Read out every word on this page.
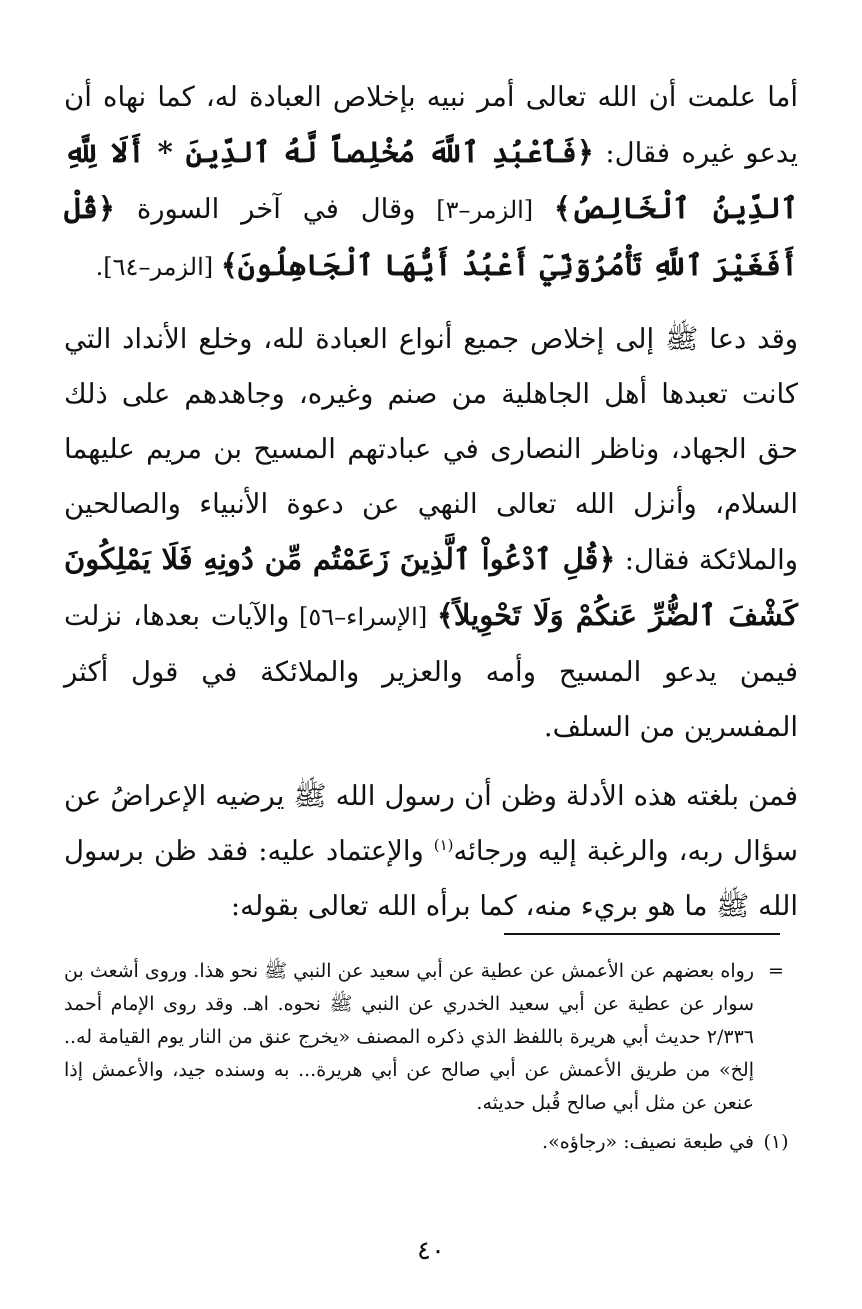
أما علمت أن الله تعالى أمر نبيه بإخلاص العبادة له، كما نهاه أن يدعو غيره فقال: ﴿فَٱعْبُدِ ٱللَّهَ مُخْلِصاً لَّهُ ٱلدِّينَ * أَلَا لِلَّهِ ٱلدِّينُ ٱلْخَالِصُ﴾ [الزمر–٣] وقال في آخر السورة ﴿قُلْ أَفَغَيْرَ ٱللَّهِ تَأْمُرُوٓنِّيٓ أَعْبُدُ أَيُّهَا ٱلْجَاهِلُونَ﴾ [الزمر–٦٤].

وقد دعا ﷺ إلى إخلاص جميع أنواع العبادة لله، وخلع الأنداد التي كانت تعبدها أهل الجاهلية من صنم وغيره، وجاهدهم على ذلك حق الجهاد، وناظر النصارى في عبادتهم المسيح بن مريم عليهما السلام، وأنزل الله تعالى النهي عن دعوة الأنبياء والصالحين والملائكة فقال: ﴿قُلِ ٱدْعُواْ ٱلَّذِينَ زَعَمْتُم مِّن دُونِهِ فَلَا يَمْلِكُونَ كَشْفَ ٱلضُّرِّ عَنكُمْ وَلَا تَحْوِيلاً﴾ [الإسراء–٥٦] والآيات بعدها، نزلت فيمن يدعو المسيح وأمه والعزير والملائكة في قول أكثر المفسرين من السلف.

فمن بلغته هذه الأدلة وظن أن رسول الله ﷺ يرضيه الإعراضُ عن سؤال ربه، والرغبة إليه ورجائه$^{(١)}$ والإعتماد عليه: فقد ظن برسول الله ﷺ ما هو بريء منه، كما برأه الله تعالى بقوله:

=
رواه بعضهم عن الأعمش عن عطية عن أبي سعيد عن النبي ﷺ نحو هذا. وروى أشعث بن سوار عن عطية عن أبي سعيد الخدري عن النبي ﷺ نحوه. اهـ. وقد روى الإمام أحمد ٢/٣٣٦ حديث أبي هريرة باللفظ الذي ذكره المصنف «يخرج عنق من النار يوم القيامة له.. إلخ» من طريق الأعمش عن أبي صالح عن أبي هريرة... به وسنده جيد، والأعمش إذا عنعن عن مثل أبي صالح قُبل حديثه.
(١)
في طبعة نصيف: «رجاؤه».
٤٠
